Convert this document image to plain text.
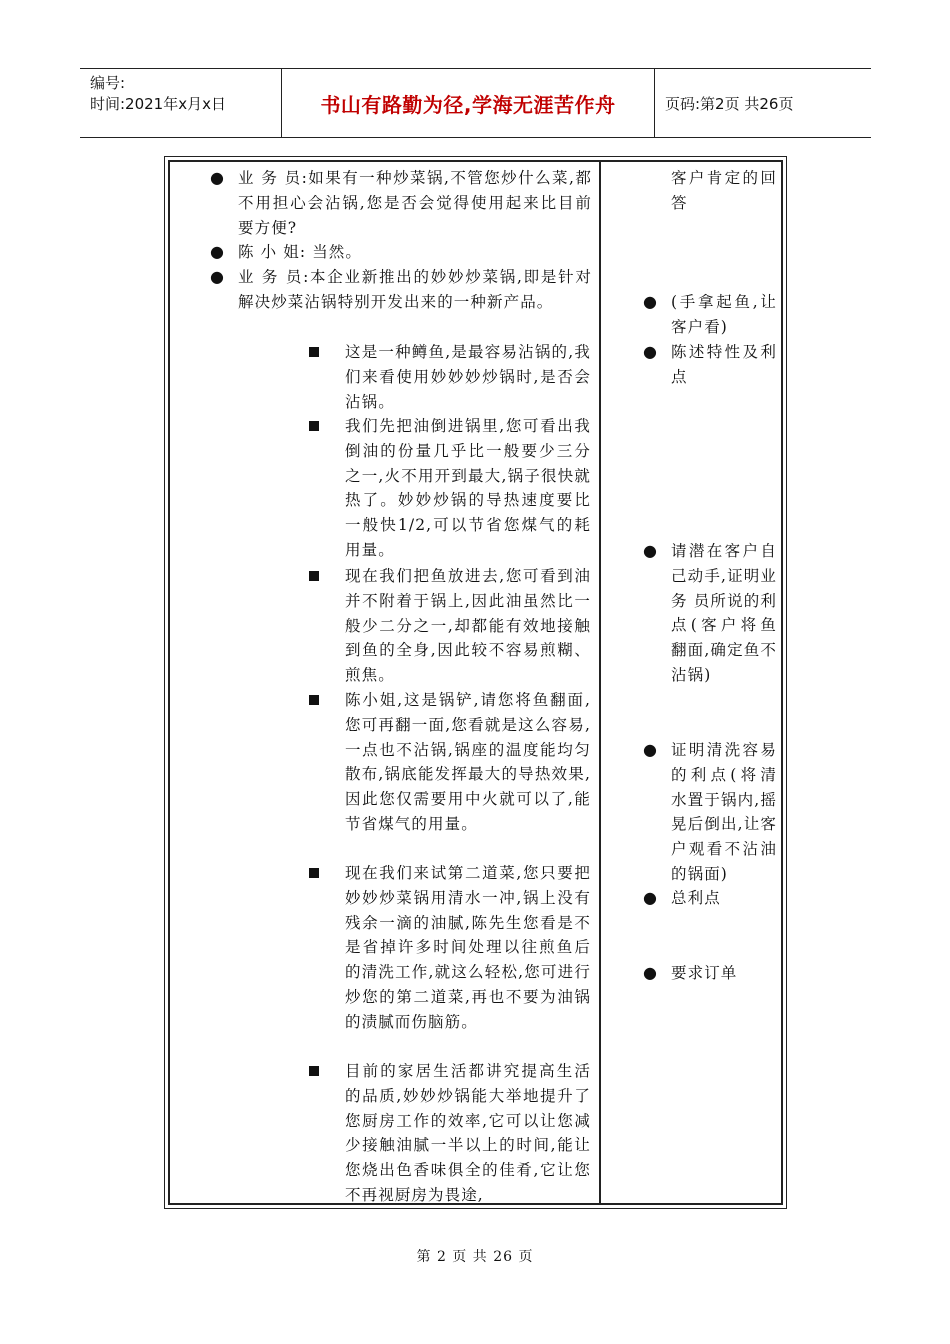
编号:
时间:2021年x月x日	书山有路勤为径,学海无涯苦作舟	页码:第2页 共26页
● 业 务 员:如果有一种炒菜锅,不管您炒什么菜,都不用担心会沾锅,您是否会觉得使用起来比目前要方便?
● 陈 小 姐: 当然。
● 业 务 员:本企业新推出的妙妙炒菜锅,即是针对解决炒菜沾锅特别开发出来的一种新产品。
这是一种鳟鱼,是最容易沾锅的,我们来看使用妙妙妙炒锅时,是否会沾锅。
我们先把油倒进锅里,您可看出我倒油的份量几乎比一般要少三分之一,火不用开到最大,锅子很快就热了。妙妙炒锅的导热速度要比一般快1/2,可以节省您煤气的耗用量。
现在我们把鱼放进去,您可看到油并不附着于锅上,因此油虽然比一般少二分之一,却都能有效地接触到鱼的全身,因此较不容易煎糊、煎焦。
陈小姐,这是锅铲,请您将鱼翻面,您可再翻一面,您看就是这么容易,一点也不沾锅,锅座的温度能均匀散布,锅底能发挥最大的导热效果,因此您仅需要用中火就可以了,能节省煤气的用量。
现在我们来试第二道菜,您只要把妙妙炒菜锅用清水一冲,锅上没有残余一滴的油腻,陈先生您看是不是省掉许多时间处理以往煎鱼后的清洗工作,就这么轻松,您可进行炒您的第二道菜,再也不要为油锅的渍腻而伤脑筋。
目前的家居生活都讲究提高生活的品质,妙妙炒锅能大举地提升了您厨房工作的效率,它可以让您减少接触油腻一半以上的时间,能让您烧出色香味俱全的佳肴,它让您不再视厨房为畏途,
客户肯定的回答
● (手拿起鱼,让客户看)
● 陈述特性及利点
● 请潜在客户自己动手,证明业 务 员所说的利点(客户将鱼翻面,确定鱼不沾锅)
● 证明清洗容易的利点(将清水置于锅内,摇晃后倒出,让客户观看不沾油的锅面)
● 总利点
● 要求订单
第 2 页 共 26 页
